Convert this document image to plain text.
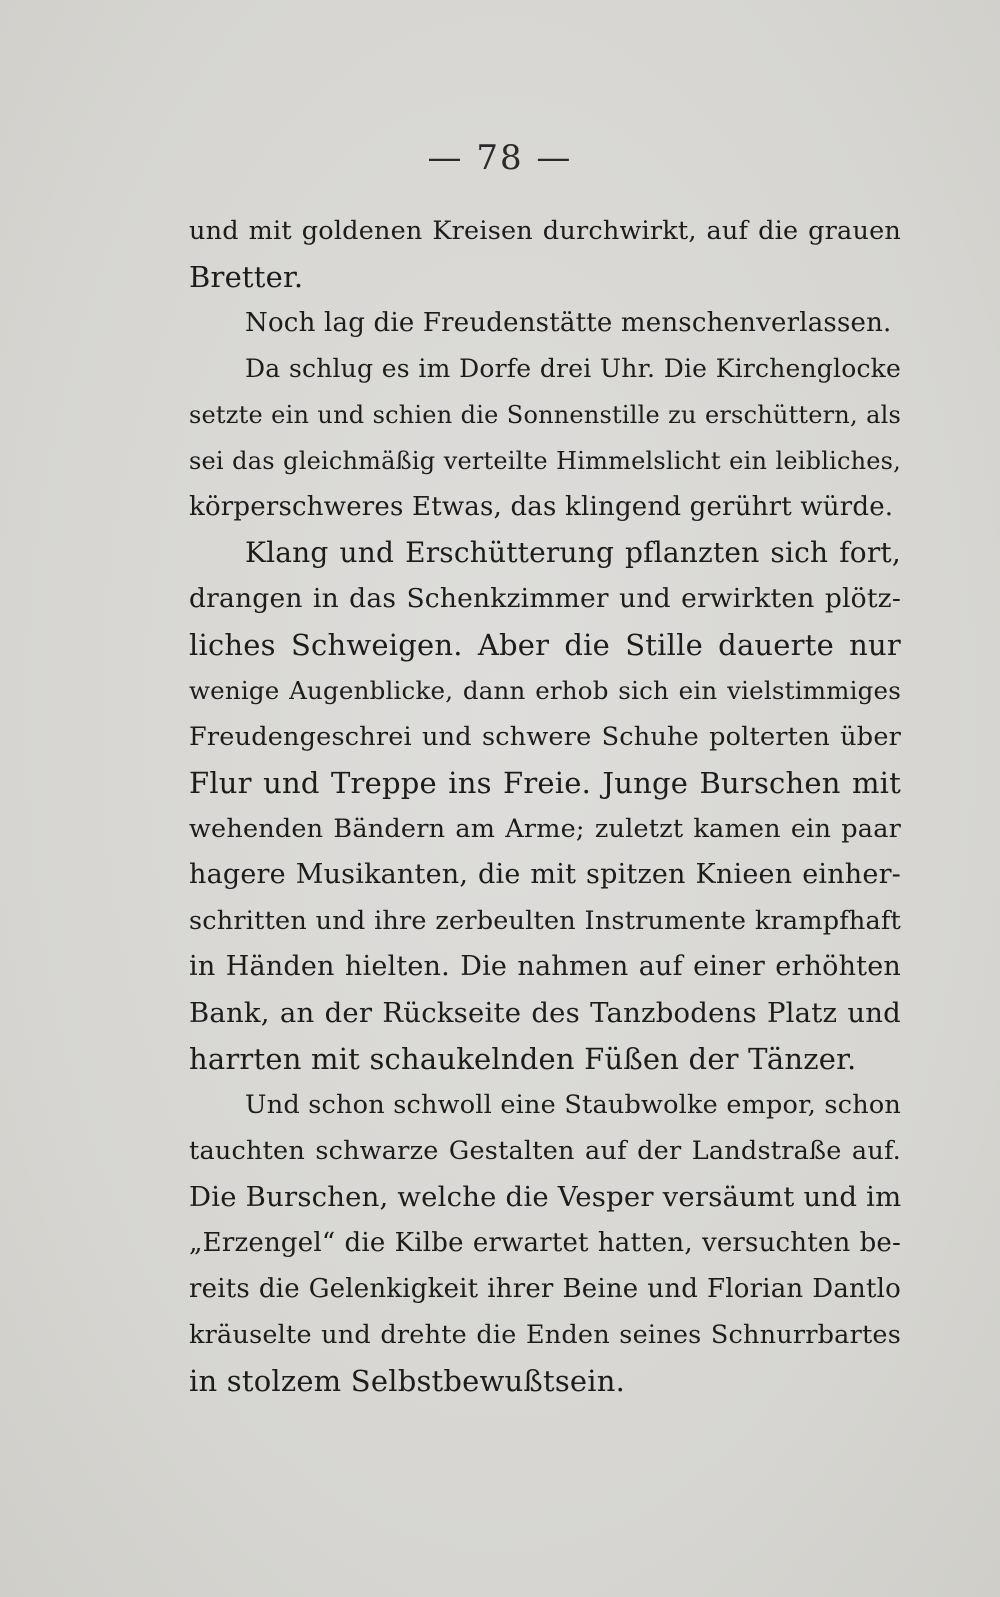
— 78 —
und mit goldenen Kreisen durchwirkt, auf die grauen
Bretter.
Noch lag die Freudenstätte menschenverlassen.
Da schlug es im Dorfe drei Uhr. Die Kirchenglocke
setzte ein und schien die Sonnenstille zu erschüttern, als
sei das gleichmäßig verteilte Himmelslicht ein leibliches,
körperschweres Etwas, das klingend gerührt würde.
Klang und Erschütterung pflanzten sich fort,
drangen in das Schenkzimmer und erwirkten plötz-
liches Schweigen. Aber die Stille dauerte nur
wenige Augenblicke, dann erhob sich ein vielstimmiges
Freudengeschrei und schwere Schuhe polterten über
Flur und Treppe ins Freie. Junge Burschen mit
wehenden Bändern am Arme; zuletzt kamen ein paar
hagere Musikanten, die mit spitzen Knieen einher-
schritten und ihre zerbeulten Instrumente krampfhaft
in Händen hielten. Die nahmen auf einer erhöhten
Bank, an der Rückseite des Tanzbodens Platz und
harrten mit schaukelnden Füßen der Tänzer.
Und schon schwoll eine Staubwolke empor, schon
tauchten schwarze Gestalten auf der Landstraße auf.
Die Burschen, welche die Vesper versäumt und im
„Erzengel“ die Kilbe erwartet hatten, versuchten be-
reits die Gelenkigkeit ihrer Beine und Florian Dantlo
kräuselte und drehte die Enden seines Schnurrbartes
in stolzem Selbstbewußtsein.
